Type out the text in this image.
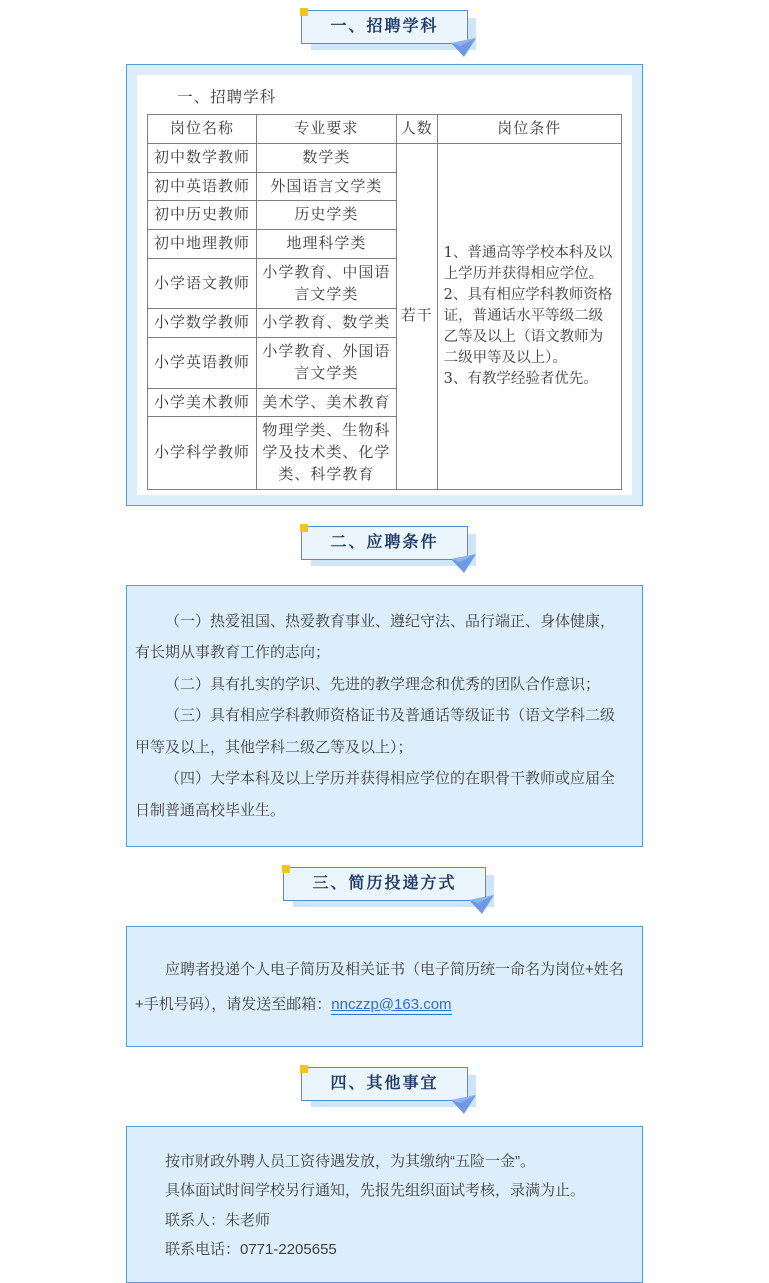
一、招聘学科
一、招聘学科
岗位名称	专业要求	人数	岗位条件
初中数学教师	数学类	若干	1、普通高等学校本科及以上学历并获得相应学位。
2、具有相应学科教师资格证，普通话水平等级二级乙等及以上（语文教师为二级甲等及以上）。
3、有教学经验者优先。

初中英语教师	外国语言文学类		
初中历史教师	历史学类		
初中地理教师	地理科学类		
小学语文教师	小学教育、中国语言文学类		
小学数学教师	小学教育、数学类		
小学英语教师	小学教育、外国语言文学类		
小学美术教师	美术学、美术教育		
小学科学教师	物理学类、生物科学及技术类、化学类、科学教育		
二、应聘条件

（一）热爱祖国、热爱教育事业、遵纪守法、品行端正、身体健康，有长期从事教育工作的志向；

（二）具有扎实的学识、先进的教学理念和优秀的团队合作意识；

（三）具有相应学科教师资格证书及普通话等级证书（语文学科二级甲等及以上，其他学科二级乙等及以上）；

（四）大学本科及以上学历并获得相应学位的在职骨干教师或应届全日制普通高校毕业生。

三、简历投递方式

应聘者投递个人电子简历及相关证书（电子简历统一命名为岗位+姓名+手机号码），请发送至邮箱：nnczzp@163.com

四、其他事宜

按市财政外聘人员工资待遇发放，为其缴纳“五险一金”。

具体面试时间学校另行通知，先报先组织面试考核，录满为止。

联系人：朱老师

联系电话：0771-2205655
